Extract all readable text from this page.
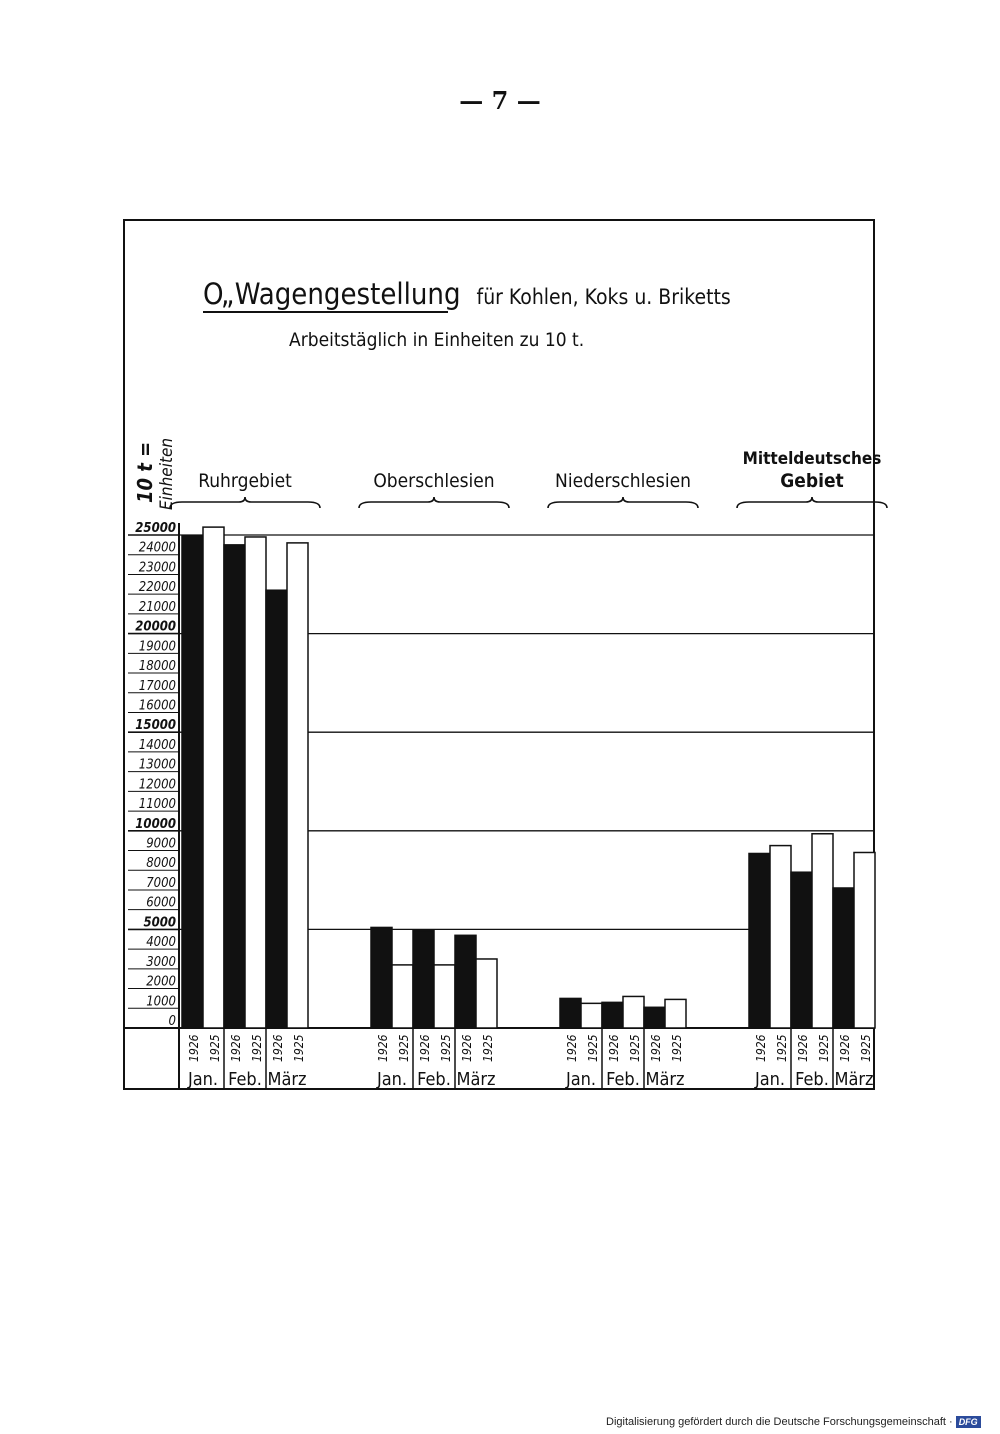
— 7 —
O„ Wagengestellung für Kohlen, Koks u. Briketts
Arbeitstäglich in Einheiten zu 10 t.
10 t = Einheiten
25000
24000
23000
22000
21000
20000
19000
18000
17000
16000
15000
14000
13000
12000
11000
10000
9000
8000
7000
6000
5000
4000
3000
2000
1000
0
Ruhrgebiet
1926 1925
Jan.
1926 1925
Feb.
1926 1925
März
Oberschlesien
1926 1925
Jan.
1926 1925
Feb.
1926 1925
März
Niederschlesien
1926 1925
Jan.
1926 1925
Feb.
1926 1925
März
Mitteldeutsches
Gebiet
1926 1925
Jan.
1926 1925
Feb.
1926 1925
März
Digitalisierung gefördert durch die Deutsche Forschungsgemeinschaft · DFG
